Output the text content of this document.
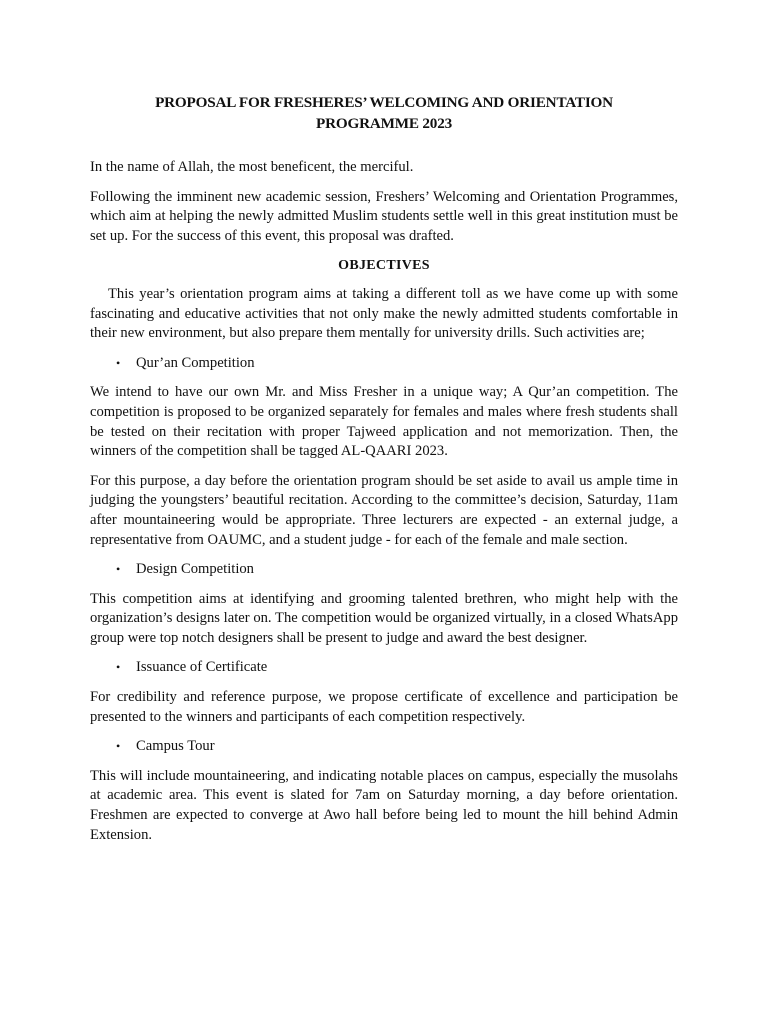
PROPOSAL FOR FRESHERES’ WELCOMING AND ORIENTATION
PROGRAMME 2023

In the name of Allah, the most beneficent, the merciful.

Following the imminent new academic session, Freshers’ Welcoming and Orientation Programmes, which aim at helping the newly admitted Muslim students settle well in this great institution must be set up. For the success of this event, this proposal was drafted.

OBJECTIVES

This year’s orientation program aims at taking a different toll as we have come up with some fascinating and educative activities that not only make the newly admitted students comfortable in their new environment, but also prepare them mentally for university drills. Such activities are;

•	Qur’an Competition

We intend to have our own Mr. and Miss Fresher in a unique way; A Qur’an competition. The competition is proposed to be organized separately for females and males where fresh students shall be tested on their recitation with proper Tajweed application and not memorization. Then, the winners of the competition shall be tagged AL-QAARI 2023.

For this purpose, a day before the orientation program should be set aside to avail us ample time in judging the youngsters’ beautiful recitation. According to the committee’s decision, Saturday, 11am after mountaineering would be appropriate. Three lecturers are expected - an external judge, a representative from OAUMC, and a student judge - for each of the female and male section.

•	Design Competition

This competition aims at identifying and grooming talented brethren, who might help with the organization’s designs later on. The competition would be organized virtually, in a closed WhatsApp group were top notch designers shall be present to judge and award the best designer.

•	Issuance of Certificate

For credibility and reference purpose, we propose certificate of excellence and participation be presented to the winners and participants of each competition respectively.

•	Campus Tour

This will include mountaineering, and indicating notable places on campus, especially the musolahs at academic area. This event is slated for 7am on Saturday morning, a day before orientation. Freshmen are expected to converge at Awo hall before being led to mount the hill behind Admin Extension.
